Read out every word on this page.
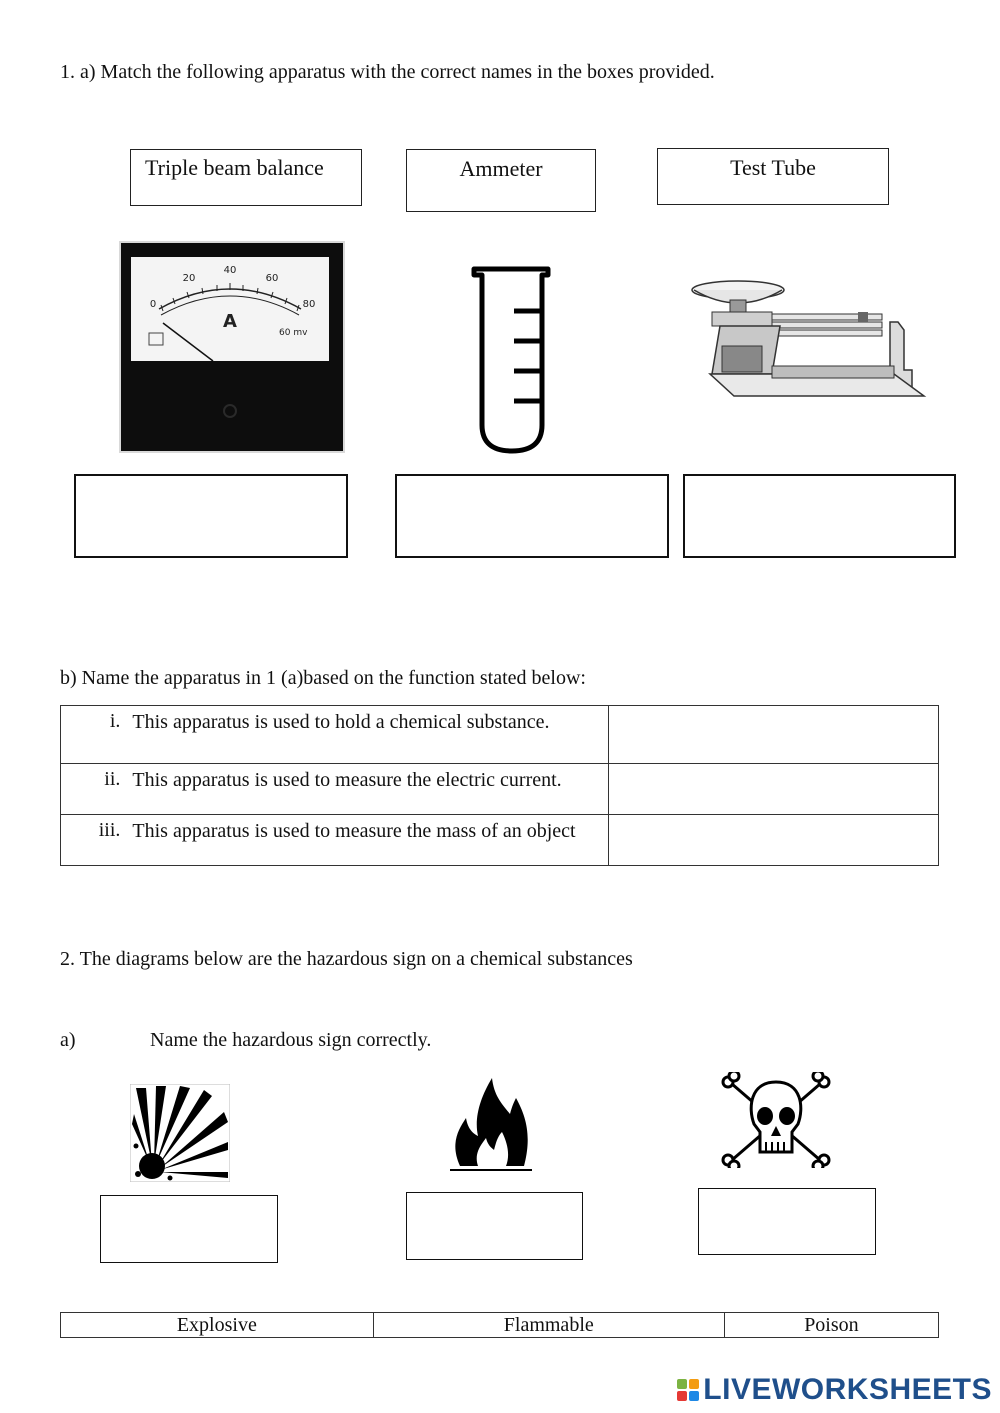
1. a) Match the following apparatus with the correct names in the boxes provided.
Triple beam balance	Ammeter	Test Tube
0
20
40
60
80
A
60 mv
b) Name the apparatus in 1 (a)based on the function stated below:
i.	This apparatus is used to hold a chemical substance.	
ii.	This apparatus is used to measure the electric current.	
iii.	This apparatus is used to measure the mass of an object	
2. The diagrams below are the hazardous sign on a chemical substances
a)	Name the hazardous sign correctly.
Explosive	Flammable	Poison
LIVEWORKSHEETS
